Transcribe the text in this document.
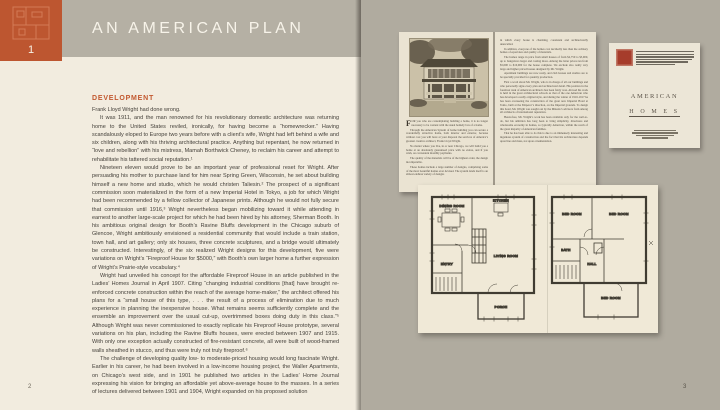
1
AN AMERICAN PLAN
DEVELOPMENT

Frank Lloyd Wright had done wrong.

It was 1911, and the man renowned for his revolutionary domestic architecture was returning home to the United States reviled, ironically, for having become a “homewrecker.” Having scandalously eloped to Europe two years before with a client’s wife, Wright had left behind a wife and six children, along with his thriving architectural practice. Anything but repentant, he now returned in “love and rebellion” with his mistress, Mamah Borthwick Cheney, to reclaim his career and attempt to rehabilitate his tattered social reputation.¹

Nineteen eleven would prove to be an important year of professional reset for Wright. After persuading his mother to purchase land for him near Spring Green, Wisconsin, he set about building himself a new home and studio, which he would christen Taliesin.² The prospect of a significant commission soon materialized in the form of a new Imperial Hotel in Tokyo, a job for which Wright had been recommended by a fellow collector of Japanese prints. Although he would not fully secure that commission until 1916,³ Wright nevertheless began mobilizing toward it while attending in earnest to another large-scale project for which he had been hired by his attorney, Sherman Booth. In his ambitious original design for Booth’s Ravine Bluffs development in the Chicago suburb of Glencoe, Wright ambitiously envisioned a residential community that would include a train station, town hall, and art gallery; only six houses, three concrete sculptures, and a bridge would ultimately be constructed. Interestingly, of the six realized Wright designs for this development, five were variations on Wright’s “Fireproof House for $5000,” with Booth’s own larger home a further expression of Wright’s Prairie-style vocabulary.⁴

Wright had unveiled his concept for the affordable Fireproof House in an article published in the Ladies’ Homes Journal in April 1907. Citing “changing industrial conditions [that] have brought re-enforced concrete construction within the reach of the average home-maker,” the architect offered his plans for a “small house of this type, . . . the result of a process of elimination due to much experience in planning the inexpensive house. What remains seems sufficiently complete and the ensemble an improvement over the usual cut-up, overtrimmed boxes doing duty in this class.”⁵ Although Wright was never commissioned to exactly replicate his Fireproof House prototype, several variations on his plan, including the Ravine Bluffs houses, were erected between 1907 and 1915. With only one exception actually constructed of fire-resistant concrete, all were built of wood-framed walls sheathed in stucco, and thus were truly not truly fireproof.⁶

The challenge of developing quality low- to moderate-priced housing would long fascinate Wright. Earlier in his career, he had been involved in a low-income housing project, the Waller Apartments, on Chicago’s west side, and in 1901 he published two articles in the Ladies’ Home Journal expressing his vision for bringing an affordable yet above-average house to the masses. In a series of lectures delivered between 1901 and 1904, Wright expanded on his proposed solution

2

FOR you who are contemplating building a home, it is no longer necessary to be content with the usual homely box of a home.

Through the American System of home building you can secure a wonderfully attractive home, both interior and exterior, because without cost you will have at your disposal the services of America’s greatest creative architect, Frank Lloyd Wright.

No matter where you live, in or near Chicago, we will build you a home at an absolutely guaranteed price with no extras, and if you wish, on convenient monthly payments.

The quality of the materials will be of the highest order, the design incomparable.

These homes include a large number of designs, comprising some of the most beautiful homes ever devised. The system lends itself to an almost endless variety of designs

in which every house is charming, consistent and architecturally unexcelled.

In addition, everyone of the homes cost decidedly less than the ordinary homes of equal size and quality of materials.

The homes range in price from small houses of from $2,750 to $5,000, up to bungalows larger and costing more. Among the latter prices run from $5,000 to $10,000 for the house complete. We exclude also really very large and higher priced houses designed by Mr. Wright.

Apartment buildings are now ready, and club houses and studios are to be specially provided for quantity production.

First a word about Mr. Wright, who is in charge of all our buildings and who personally signs every plan and architectural detail. His position in the foremost rank of American architects has been fairly won. Abroad his work is held in the great architectural schools as that of the one American who has developed a really original style, and during the winter of 1916-1917 he has been overseeing the construction of the great new Imperial Hotel at Tokio, built at the Emperor’s direction, on the Imperial grounds. To design this hotel, Mr. Wright was sought out by the Mikado’s advisors from among all architects of international reputation.

Heretofore, Mr. Wright’s work has been available only for the well-to-do, but his ambition has long been to bring simplicity, directness and wholesome economy in homes, so typically American, within the reach of the great majority of American families.

That he has been able to do this is due to an immensely interesting and ingenious system of construction and the fact that his architecture depends upon line and mass, not upon ornamentation.

AMERICAN
H O M E S
DINING ROOM
KITCHEN
LIVING ROOM
ENTRY
PORCH
BED ROOM	BED ROOM
BATH
HALL
BED ROOM
3
